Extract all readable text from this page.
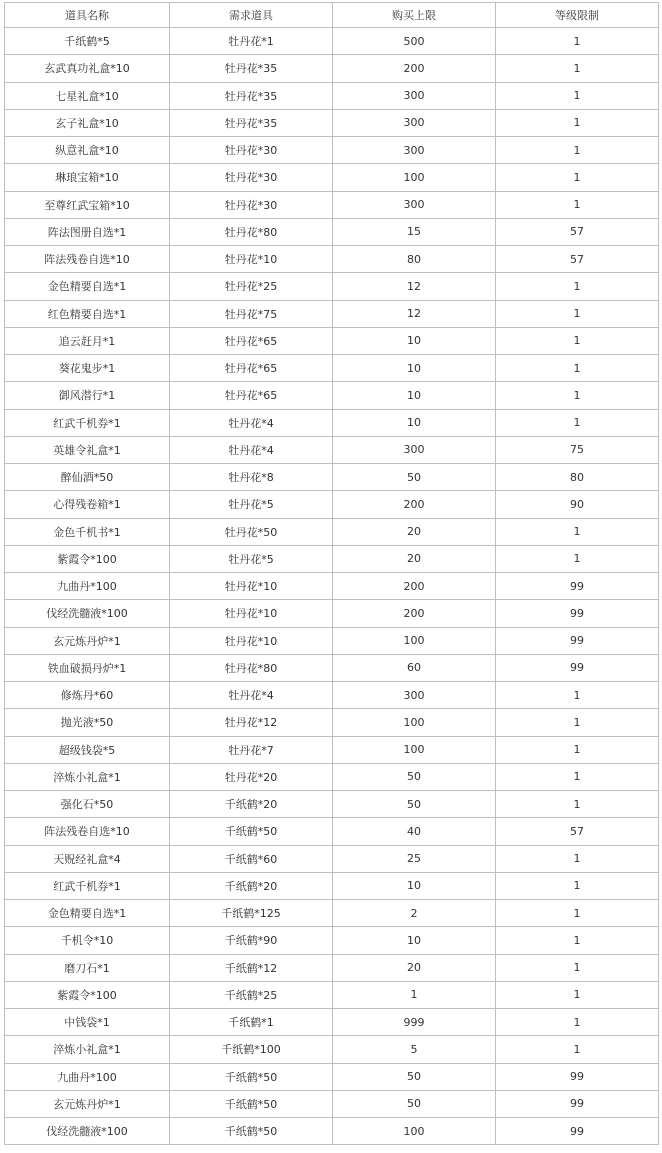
道具名称	需求道具	购买上限	等级限制
千纸鹤*5	牡丹花*1	500	1
玄武真功礼盒*10	牡丹花*35	200	1
七星礼盒*10	牡丹花*35	300	1
玄子礼盒*10	牡丹花*35	300	1
纵意礼盒*10	牡丹花*30	300	1
琳琅宝箱*10	牡丹花*30	100	1
至尊红武宝箱*10	牡丹花*30	300	1
阵法图册自选*1	牡丹花*80	15	57
阵法残卷自选*10	牡丹花*10	80	57
金色精要自选*1	牡丹花*25	12	1
红色精要自选*1	牡丹花*75	12	1
追云赶月*1	牡丹花*65	10	1
葵花鬼步*1	牡丹花*65	10	1
御风潜行*1	牡丹花*65	10	1
红武千机券*1	牡丹花*4	10	1
英雄令礼盒*1	牡丹花*4	300	75
醉仙酒*50	牡丹花*8	50	80
心得残卷箱*1	牡丹花*5	200	90
金色千机书*1	牡丹花*50	20	1
紫霞令*100	牡丹花*5	20	1
九曲丹*100	牡丹花*10	200	99
伐经洗髓液*100	牡丹花*10	200	99
玄元炼丹炉*1	牡丹花*10	100	99
铁血破损丹炉*1	牡丹花*80	60	99
修炼丹*60	牡丹花*4	300	1
抛光液*50	牡丹花*12	100	1
超级钱袋*5	牡丹花*7	100	1
淬炼小礼盒*1	牡丹花*20	50	1
强化石*50	千纸鹤*20	50	1
阵法残卷自选*10	千纸鹤*50	40	57
天贶经礼盒*4	千纸鹤*60	25	1
红武千机券*1	千纸鹤*20	10	1
金色精要自选*1	千纸鹤*125	2	1
千机令*10	千纸鹤*90	10	1
磨刀石*1	千纸鹤*12	20	1
紫霞令*100	千纸鹤*25	1	1
中钱袋*1	千纸鹤*1	999	1
淬炼小礼盒*1	千纸鹤*100	5	1
九曲丹*100	千纸鹤*50	50	99
玄元炼丹炉*1	千纸鹤*50	50	99
伐经洗髓液*100	千纸鹤*50	100	99
